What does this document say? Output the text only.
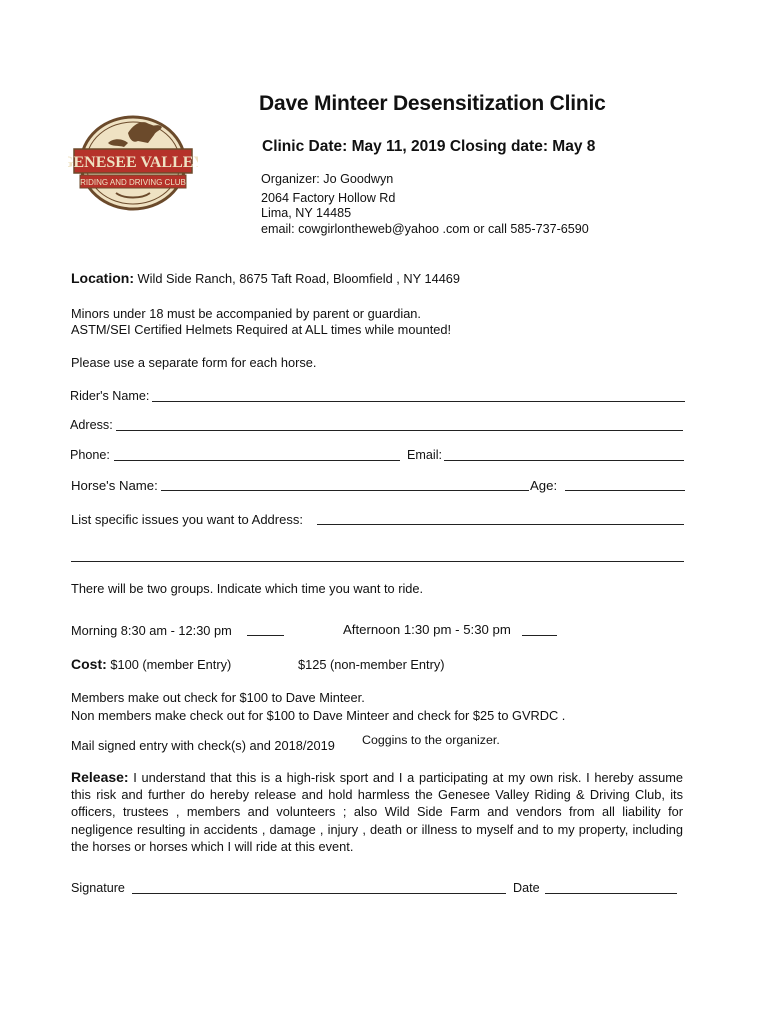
GENESEE VALLEY
RIDING AND DRIVING CLUB
Dave Minteer Desensitization Clinic
Clinic Date: May 11, 2019 Closing date: May 8
Organizer: Jo Goodwyn
2064 Factory Hollow Rd
Lima, NY 14485
email: cowgirlontheweb@yahoo .com or call 585-737-6590
Location: Wild Side Ranch, 8675 Taft Road, Bloomfield , NY 14469
Minors under 18 must be accompanied by parent or guardian.
ASTM/SEI Certified Helmets Required at ALL times while mounted!
Please use a separate form for each horse.
Rider's Name:
Adress:
Phone:	Email:
Horse's Name:	Age:
List specific issues you want to Address:
There will be two groups. Indicate which time you want to ride.
Morning 8:30 am - 12:30 pm	Afternoon 1:30 pm - 5:30 pm
Cost: $100 (member Entry)	$125 (non-member Entry)
Members make out check for $100 to Dave Minteer.
Non members make check out for $100 to Dave Minteer and check for $25 to GVRDC .
Mail signed entry with check(s) and 2018/2019 Coggins to the organizer.
Release: I understand that this is a high-risk sport and I a participating at my own risk. I hereby assume this risk and further do hereby release and hold harmless the Genesee Valley Riding & Driving Club, its officers, trustees , members and volunteers ; also Wild Side Farm and vendors from all liability for negligence resulting in accidents , damage , injury , death or illness to myself and to my property, including the horses or horses which I will ride at this event.
Signature	Date
